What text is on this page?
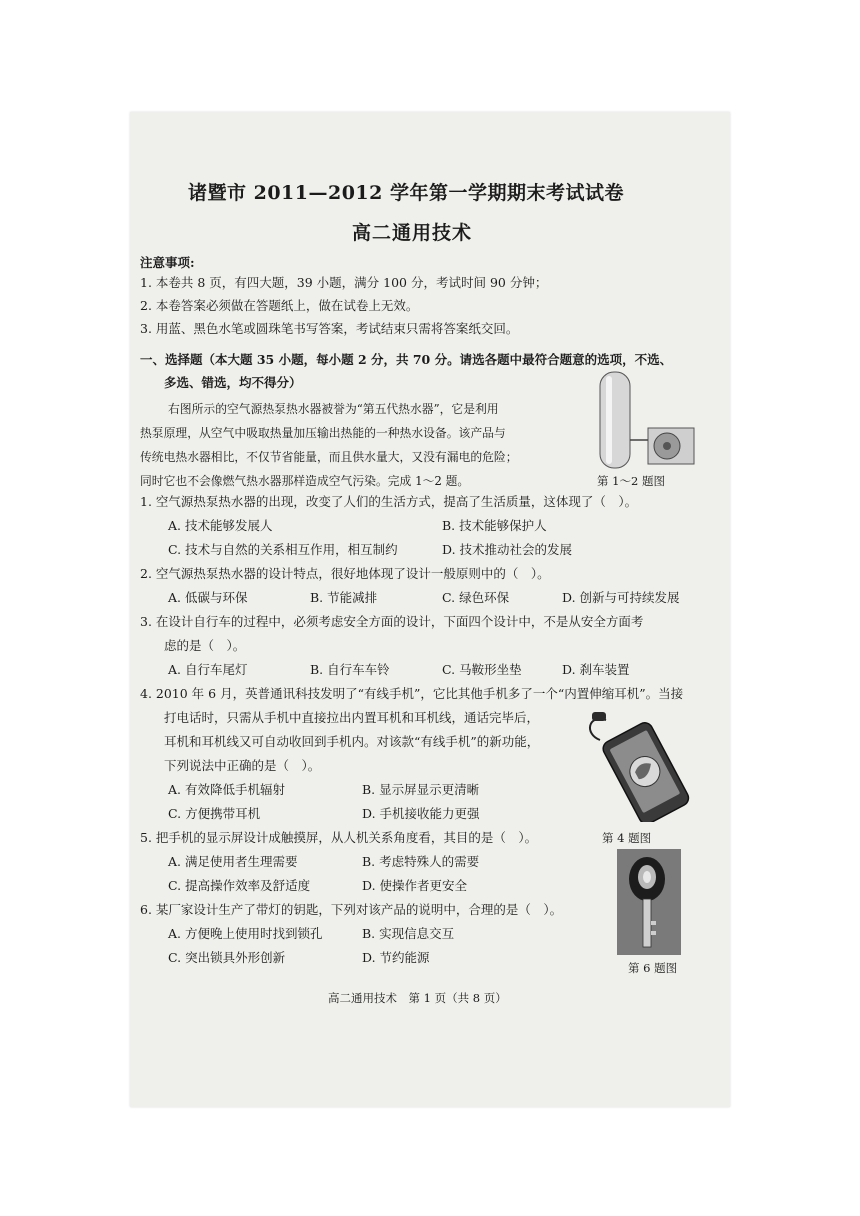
诸暨市 2011—2012 学年第一学期期末考试试卷
高二通用技术
注意事项:
1. 本卷共 8 页，有四大题，39 小题，满分 100 分，考试时间 90 分钟；
2. 本卷答案必须做在答题纸上，做在试卷上无效。
3. 用蓝、黑色水笔或圆珠笔书写答案，考试结束只需将答案纸交回。
一、选择题（本大题 35 小题，每小题 2 分，共 70 分。请选各题中最符合题意的选项，不选、
多选、错选，均不得分）
右图所示的空气源热泵热水器被誉为“第五代热水器”，它是利用
热泵原理，从空气中吸取热量加压输出热能的一种热水设备。该产品与
传统电热水器相比，不仅节省能量，而且供水量大，又没有漏电的危险；
同时它也不会像燃气热水器那样造成空气污染。完成 1～2 题。	第 1～2 题图
1. 空气源热泵热水器的出现，改变了人们的生活方式，提高了生活质量，这体现了（　）。
A. 技术能够发展人	B. 技术能够保护人
C. 技术与自然的关系相互作用，相互制约	D. 技术推动社会的发展
2. 空气源热泵热水器的设计特点，很好地体现了设计一般原则中的（　）。
A. 低碳与环保	B. 节能减排	C. 绿色环保	D. 创新与可持续发展
3. 在设计自行车的过程中，必须考虑安全方面的设计，下面四个设计中，不是从安全方面考
虑的是（　）。
A. 自行车尾灯	B. 自行车车铃	C. 马鞍形坐垫	D. 刹车装置
4. 2010 年 6 月，英普通讯科技发明了“有线手机”，它比其他手机多了一个“内置伸缩耳机”。当接
打电话时，只需从手机中直接拉出内置耳机和耳机线，通话完毕后，
耳机和耳机线又可自动收回到手机内。对该款“有线手机”的新功能，
下列说法中正确的是（　）。
A. 有效降低手机辐射	B. 显示屏显示更清晰
C. 方便携带耳机	D. 手机接收能力更强
第 4 题图
5. 把手机的显示屏设计成触摸屏，从人机关系角度看，其目的是（　）。
A. 满足使用者生理需要	B. 考虑特殊人的需要
C. 提高操作效率及舒适度	D. 使操作者更安全
第 6 题图
6. 某厂家设计生产了带灯的钥匙，下列对该产品的说明中，合理的是（　）。
A. 方便晚上使用时找到锁孔	B. 实现信息交互
C. 突出锁具外形创新	D. 节约能源
高二通用技术　第 1 页（共 8 页）
